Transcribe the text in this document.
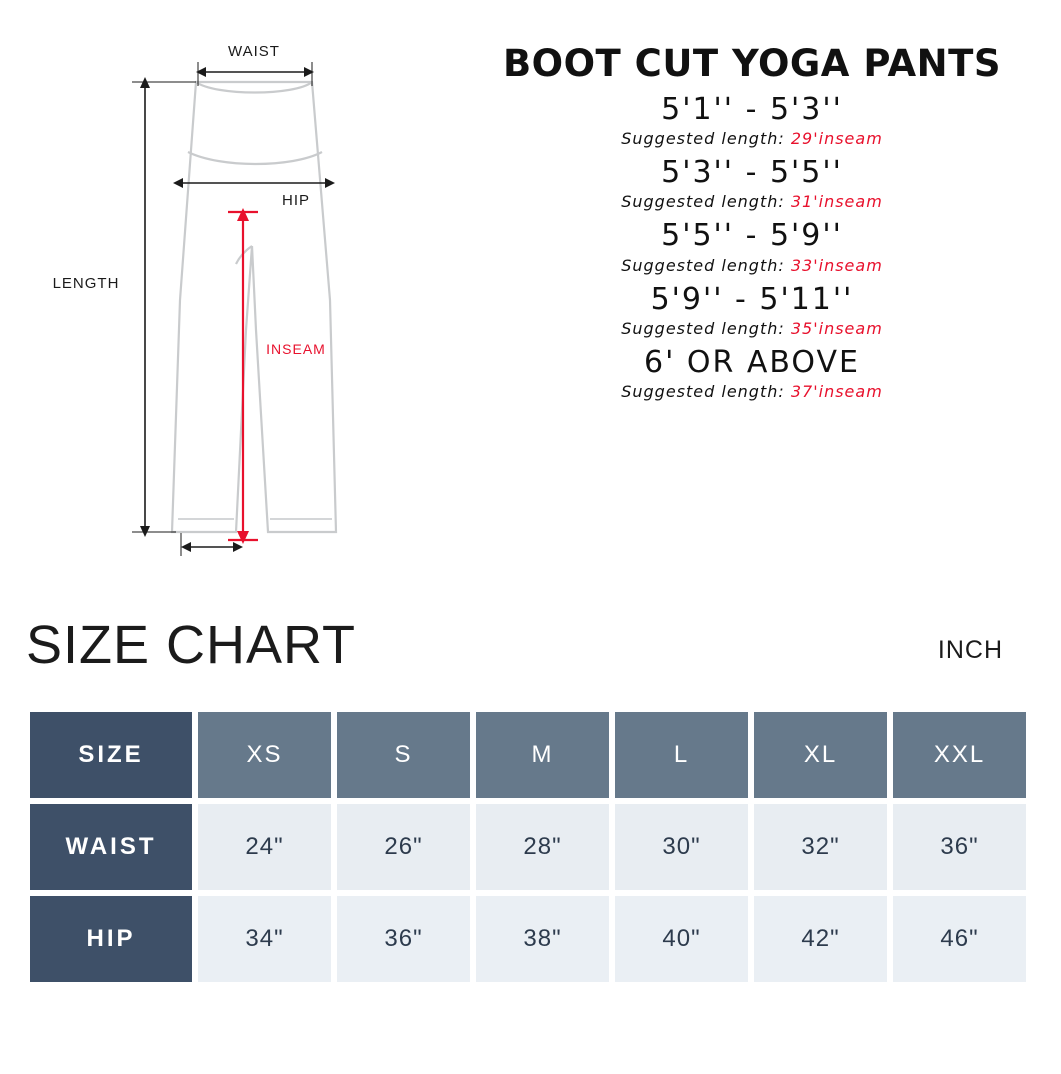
WAIST
HIP
LENGTH
INSEAM
BOOT CUT YOGA PANTS
5'1'' - 5'3''
Suggested length: 29'inseam
5'3'' - 5'5''
Suggested length: 31'inseam
5'5'' - 5'9''
Suggested length: 33'inseam
5'9'' - 5'11''
Suggested length: 35'inseam
6' OR ABOVE
Suggested length: 37'inseam
SIZE CHART	INCH
SIZE	XS	S	M	L	XL	XXL
WAIST	24"	26"	28"	30"	32"	36"
HIP	34"	36"	38"	40"	42"	46"
